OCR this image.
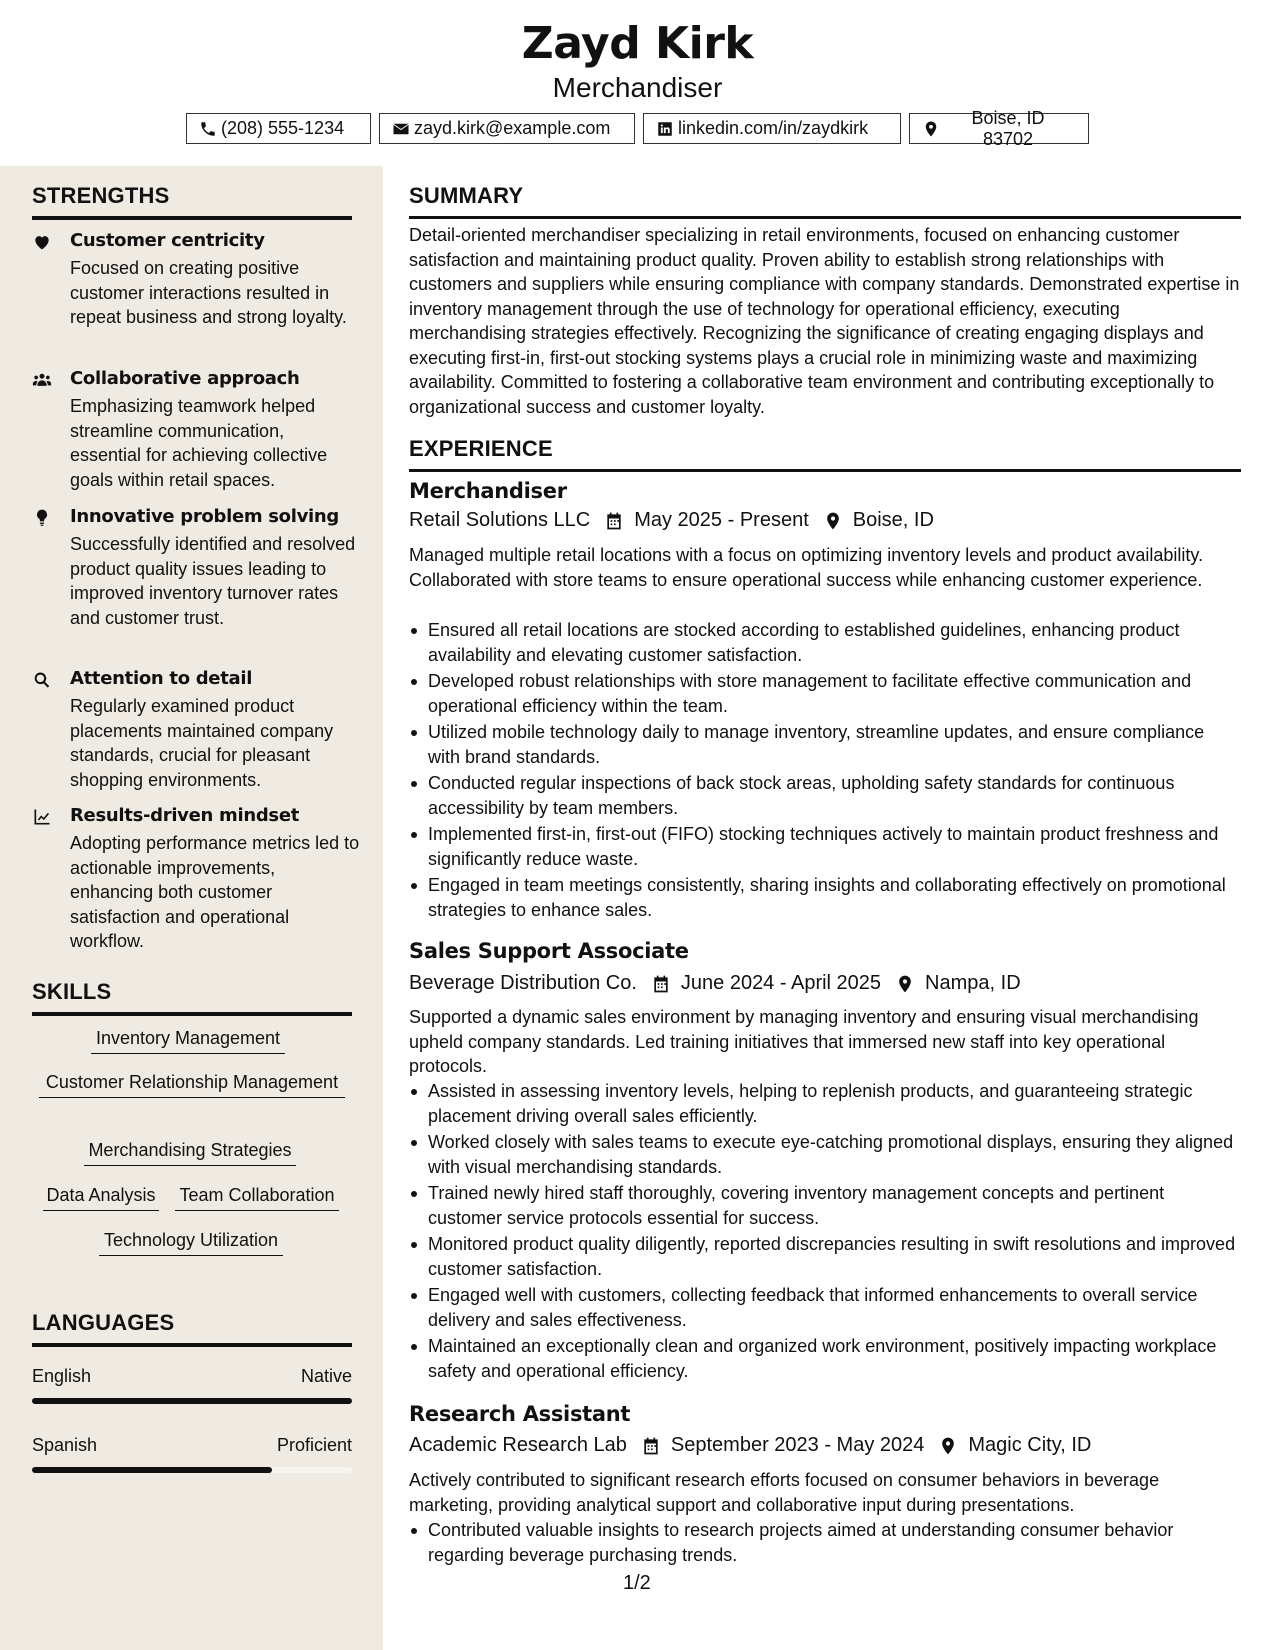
Zayd Kirk
Merchandiser
(208) 555-1234	zayd.kirk@example.com	linkedin.com/in/zaydkirk
Boise, ID 83702
STRENGTHS
Customer centricity
Focused on creating positive customer interactions resulted in repeat business and strong loyalty.
Collaborative approach
Emphasizing teamwork helped streamline communication, essential for achieving collective goals within retail spaces.
Innovative problem solving
Successfully identified and resolved product quality issues leading to improved inventory turnover rates and customer trust.
Attention to detail
Regularly examined product placements maintained company standards, crucial for pleasant shopping environments.
Results-driven mindset
Adopting performance metrics led to actionable improvements, enhancing both customer satisfaction and operational workflow.
SKILLS
Inventory Management
Customer Relationship Management
Merchandising Strategies
Data Analysis Team Collaboration
Technology Utilization
LANGUAGES
English	Native
Spanish	Proficient
SUMMARY
Detail-oriented merchandiser specializing in retail environments, focused on enhancing customer satisfaction and maintaining product quality. Proven ability to establish strong relationships with customers and suppliers while ensuring compliance with company standards. Demonstrated expertise in inventory management through the use of technology for operational efficiency, executing merchandising strategies effectively. Recognizing the significance of creating engaging displays and executing first-in, first-out stocking systems plays a crucial role in minimizing waste and maximizing availability. Committed to fostering a collaborative team environment and contributing exceptionally to organizational success and customer loyalty.
EXPERIENCE
Merchandiser
Retail Solutions LLC May 2025 - Present Boise, ID
Managed multiple retail locations with a focus on optimizing inventory levels and product availability. Collaborated with store teams to ensure operational success while enhancing customer experience.
Ensured all retail locations are stocked according to established guidelines, enhancing product availability and elevating customer satisfaction.
Developed robust relationships with store management to facilitate effective communication and operational efficiency within the team.
Utilized mobile technology daily to manage inventory, streamline updates, and ensure compliance with brand standards.
Conducted regular inspections of back stock areas, upholding safety standards for continuous accessibility by team members.
Implemented first-in, first-out (FIFO) stocking techniques actively to maintain product freshness and significantly reduce waste.
Engaged in team meetings consistently, sharing insights and collaborating effectively on promotional strategies to enhance sales.
Sales Support Associate
Beverage Distribution Co. June 2024 - April 2025 Nampa, ID
Supported a dynamic sales environment by managing inventory and ensuring visual merchandising upheld company standards. Led training initiatives that immersed new staff into key operational protocols.
Assisted in assessing inventory levels, helping to replenish products, and guaranteeing strategic placement driving overall sales efficiently.
Worked closely with sales teams to execute eye-catching promotional displays, ensuring they aligned with visual merchandising standards.
Trained newly hired staff thoroughly, covering inventory management concepts and pertinent customer service protocols essential for success.
Monitored product quality diligently, reported discrepancies resulting in swift resolutions and improved customer satisfaction.
Engaged well with customers, collecting feedback that informed enhancements to overall service delivery and sales effectiveness.
Maintained an exceptionally clean and organized work environment, positively impacting workplace safety and operational efficiency.
Research Assistant
Academic Research Lab September 2023 - May 2024 Magic City, ID
Actively contributed to significant research efforts focused on consumer behaviors in beverage marketing, providing analytical support and collaborative input during presentations.
Contributed valuable insights to research projects aimed at understanding consumer behavior regarding beverage purchasing trends.
1/2
